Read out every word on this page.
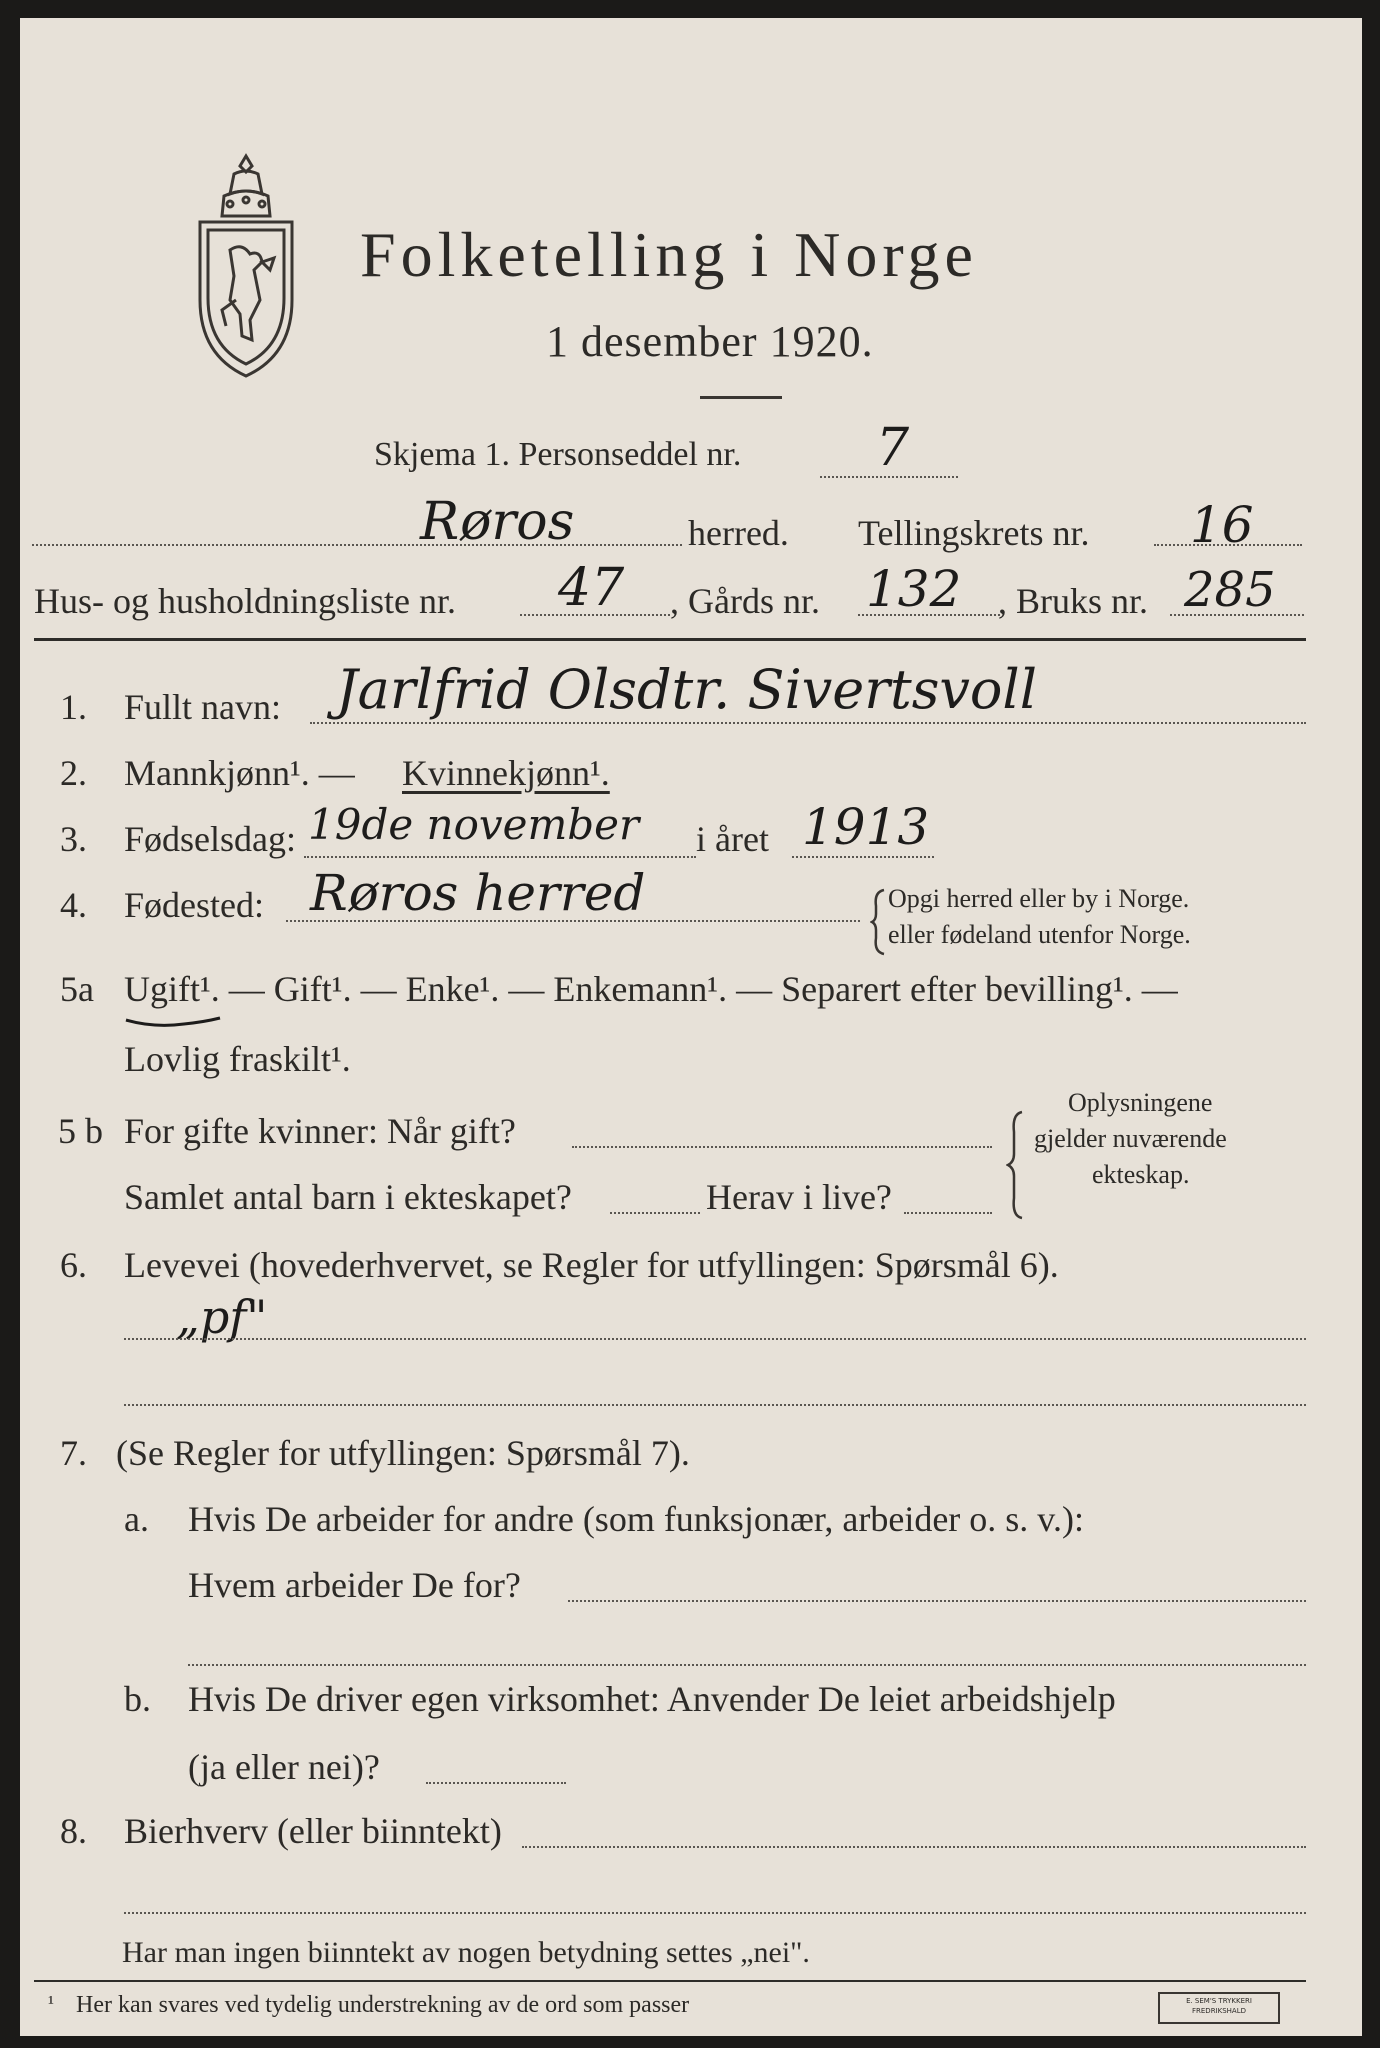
Folketelling i Norge
1 desember 1920.
Skjema 1. Personseddel nr.	7
Røros	herred. Tellingskrets nr. 16
Hus- og husholdningsliste nr. 47 , Gårds nr. 132 , Bruks nr. 285
1. Fullt navn: Jarlfrid Olsdtr. Sivertsvoll
2. Mannkjønn¹. — Kvinnekjønn¹.
3. Fødselsdag: 19de november i året 1913
4. Fødested: Røros herred	Opgi herred eller by i Norge.
eller fødeland utenfor Norge.
5a Ugift¹. — Gift¹. — Enke¹. — Enkemann¹. — Separert efter bevilling¹. —
Lovlig fraskilt¹.
5 b For gifte kvinner: Når gift?
Samlet antal barn i ekteskapet?	Herav i live?
Oplysningene
gjelder nuværende
ekteskap.
6. Levevei (hovederhvervet, se Regler for utfyllingen: Spørsmål 6).
„pf"
7. (Se Regler for utfyllingen: Spørsmål 7).
a. Hvis De arbeider for andre (som funksjonær, arbeider o. s. v.):
Hvem arbeider De for?
b. Hvis De driver egen virksomhet: Anvender De leiet arbeidshjelp
(ja eller nei)?
8. Bierhverv (eller biinntekt)
Har man ingen biinntekt av nogen betydning settes „nei".
¹ Her kan svares ved tydelig understrekning av de ord som passer	E. SEM'S TRYKKERI
FREDRIKSHALD
